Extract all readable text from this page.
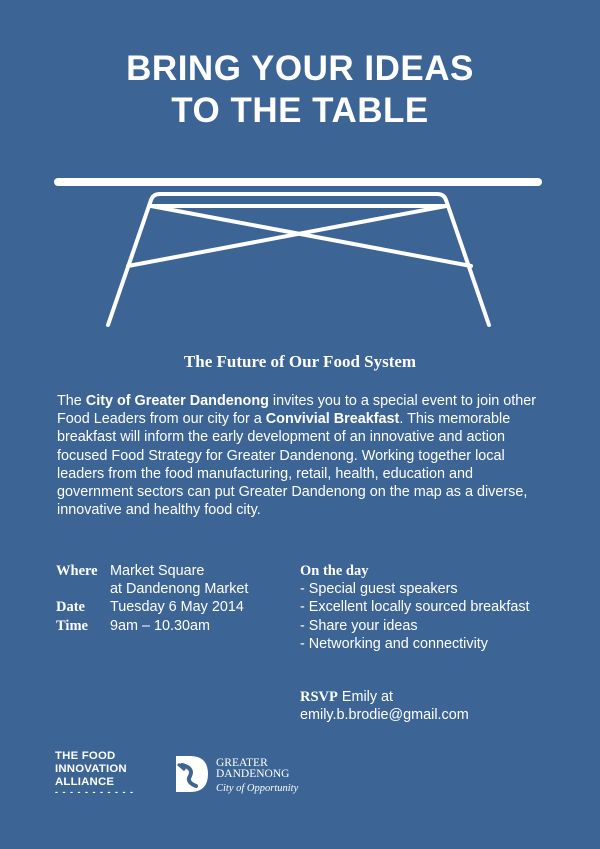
BRING YOUR IDEAS
TO THE TABLE
The Future of Our Food System

The City of Greater Dandenong invites you to a special event to join other Food Leaders from our city for a Convivial Breakfast. This memorable breakfast will inform the early development of an innovative and action focused Food Strategy for Greater Dandenong. Working together local leaders from the food manufacturing, retail, health, education and government sectors can put Greater Dandenong on the map as a diverse, innovative and healthy food city.

Where Market Square
at Dandenong Market
Date	Tuesday 6 May 2014
Time	9am – 10.30am
On the day
- Special guest speakers
- Excellent locally sourced breakfast
- Share your ideas
- Networking and connectivity
RSVP Emily at
emily.b.brodie@gmail.com
THE FOOD
INNOVATION
ALLIANCE
- - - - - - - - - - -
GREATER
DANDENONG
City of Opportunity
